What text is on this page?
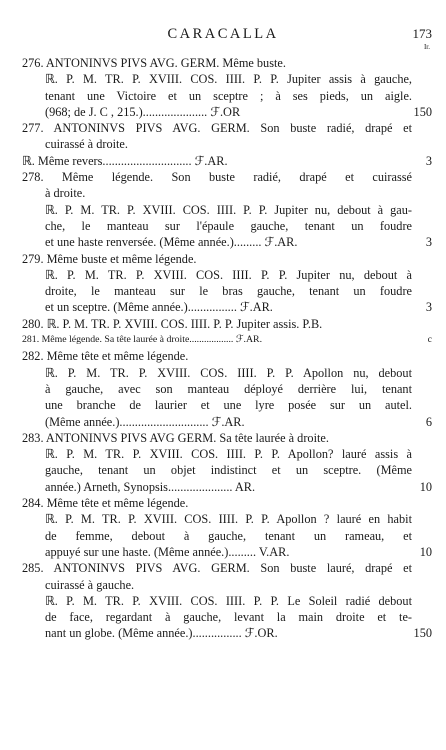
CARACALLA	173
Ir.
276. ANTONINVS PIVS AVG. GERM. Même buste.
ℝ. P. M. TR. P. XVIII. COS. IIII. P. P. Jupiter assis à gauche,
tenant une Victoire et un sceptre ; à ses pieds, un aigle.
(968; de J. C , 215.)..................... ℱ.OR	150
277. ANTONINVS PIVS AVG. GERM. Son buste radié, drapé et
cuirassé à droite.
ℝ. Même revers............................. ℱ.AR.	3
278. Même légende. Son buste radié, drapé et cuirassé
à droite.
ℝ. P. M. TR. P. XVIII. COS. IIII. P. P. Jupiter nu, debout à gau-
che, le manteau sur l'épaule gauche, tenant un foudre
et une haste renversée. (Même année.)......... ℱ.AR.	3
279. Même buste et même légende.
ℝ. P. M. TR. P. XVIII. COS. IIII. P. P. Jupiter nu, debout à
droite, le manteau sur le bras gauche, tenant un foudre
et un sceptre. (Même année.)................ ℱ.AR.	3
280. ℝ. P. M. TR. P. XVIII. COS. IIII. P. P. Jupiter assis. P.B.
281. Même légende. Sa tête laurée à droite.................. ℱ.AR.	c
282. Même tête et même légende.
ℝ. P. M. TR. P. XVIII. COS. IIII. P. P. Apollon nu, debout
à gauche, avec son manteau déployé derrière lui, tenant
une branche de laurier et une lyre posée sur un autel.
(Même année.)............................. ℱ.AR.	6
283. ANTONINVS PIVS AVG GERM. Sa tête laurée à droite.
ℝ. P. M. TR. P. XVIII. COS. IIII. P. P. Apollon? lauré assis à
gauche, tenant un objet indistinct et un sceptre. (Même
année.) Arneth, Synopsis..................... AR.	10
284. Même tête et même légende.
ℝ. P. M. TR. P. XVIII. COS. IIII. P. P. Apollon ? lauré en habit
de femme, debout à gauche, tenant un rameau, et
appuyé sur une haste. (Même année.)......... V.AR.	10
285. ANTONINVS PIVS AVG. GERM. Son buste lauré, drapé et
cuirassé à gauche.
ℝ. P. M. TR. P. XVIII. COS. IIII. P. P. Le Soleil radié debout
de face, regardant à gauche, levant la main droite et te-
nant un globe. (Même année.)................ ℱ.OR.	150
